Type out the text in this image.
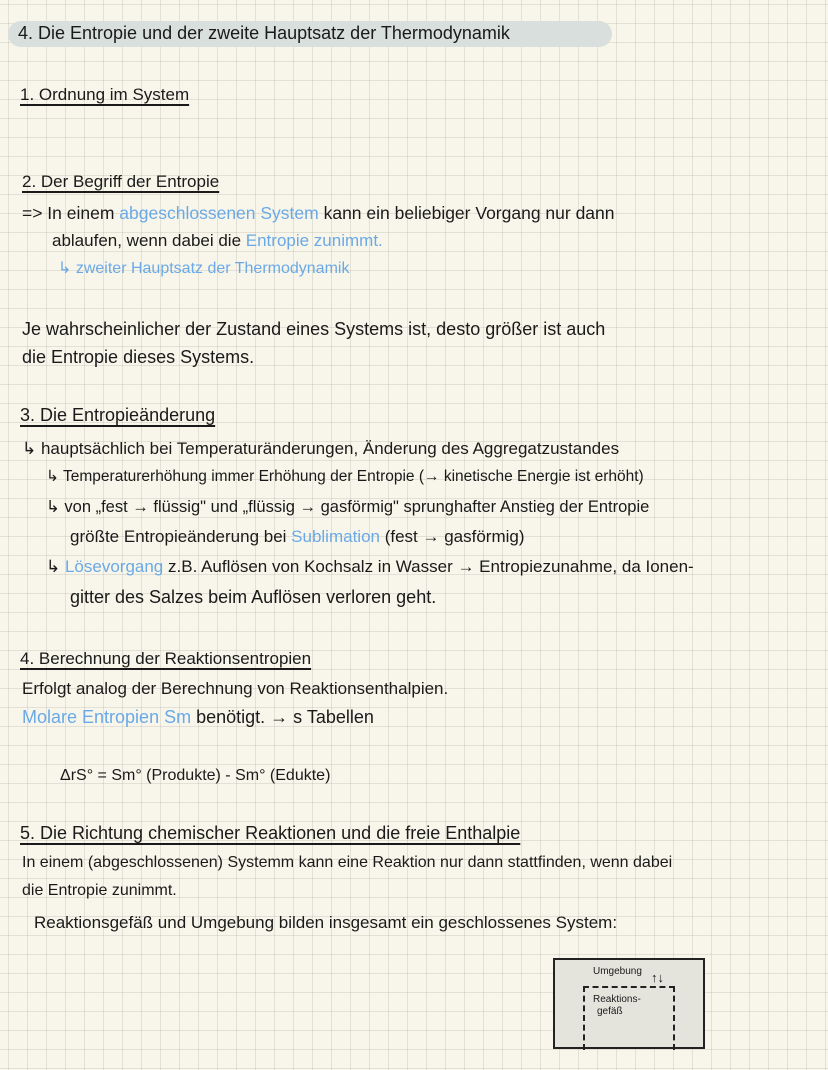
4. Die Entropie und der zweite Hauptsatz der Thermodynamik
1. Ordnung im System
2. Der Begriff der Entropie
=> In einem abgeschlossenen System kann ein beliebiger Vorgang nur dann
ablaufen, wenn dabei die Entropie zunimmt.
↳ zweiter Hauptsatz der Thermodynamik
Je wahrscheinlicher der Zustand eines Systems ist, desto größer ist auch
die Entropie dieses Systems.
3. Die Entropieänderung
↳ hauptsächlich bei Temperaturänderungen, Änderung des Aggregatzustandes
↳ Temperaturerhöhung immer Erhöhung der Entropie (→ kinetische Energie ist erhöht)
↳ von „fest → flüssig" und „flüssig → gasförmig" sprunghafter Anstieg der Entropie
größte Entropieänderung bei Sublimation (fest → gasförmig)
↳ Lösevorgang z.B. Auflösen von Kochsalz in Wasser → Entropiezunahme, da Ionen-
gitter des Salzes beim Auflösen verloren geht.
4. Berechnung der Reaktionsentropien
Erfolgt analog der Berechnung von Reaktionsenthalpien.
Molare Entropien Sm benötigt. → s Tabellen
ΔrS° = Sm° (Produkte) - Sm° (Edukte)
5. Die Richtung chemischer Reaktionen und die freie Enthalpie
In einem (abgeschlossenen) Systemm kann eine Reaktion nur dann stattfinden, wenn dabei
die Entropie zunimmt.
Reaktionsgefäß und Umgebung bilden insgesamt ein geschlossenes System:
Umgebung ↑↓
Reaktions-
gefäß
